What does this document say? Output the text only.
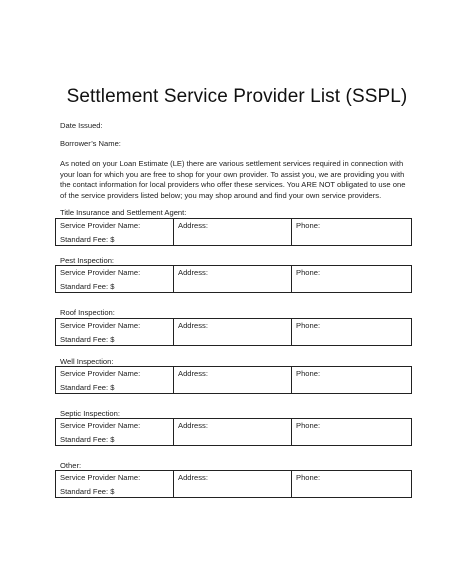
Settlement Service Provider List (SSPL)
Date Issued:
Borrower’s Name:
As noted on your Loan Estimate (LE) there are various settlement services required in connection with
your loan for which you are free to shop for your own provider. To assist you, we are providing you with
the contact information for local providers who offer these services. You ARE NOT obligated to use one
of the service providers listed below; you may shop around and find your own service providers.
Title Insurance and Settlement Agent:
Service Provider Name:
Standard Fee: $
Address:	Phone:
Pest Inspection:
Service Provider Name:
Standard Fee: $
Address:	Phone:
Roof Inspection:
Service Provider Name:
Standard Fee: $
Address:	Phone:
Well Inspection:
Service Provider Name:
Standard Fee: $
Address:	Phone:
Septic Inspection:
Service Provider Name:
Standard Fee: $
Address:	Phone:
Other:
Service Provider Name:
Standard Fee: $
Address:	Phone:
